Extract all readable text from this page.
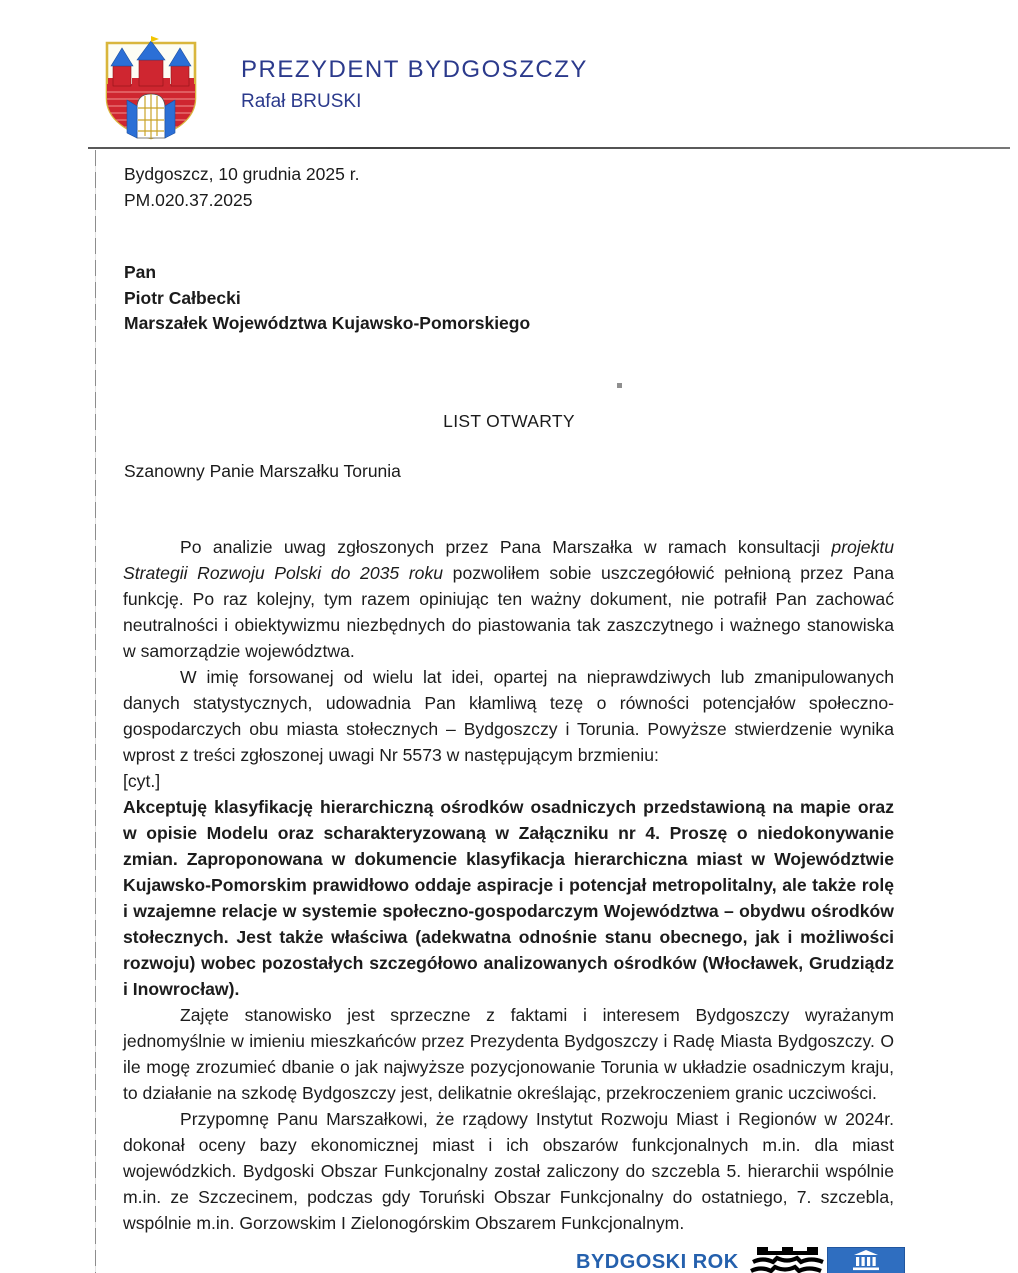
PREZYDENT BYDGOSZCZY
Rafał BRUSKI
Bydgoszcz, 10 grudnia 2025 r.
PM.020.37.2025
Pan
Piotr Całbecki
Marszałek Województwa Kujawsko-Pomorskiego
LIST OTWARTY
Szanowny Panie Marszałku Torunia

Po analizie uwag zgłoszonych przez Pana Marszałka w ramach konsultacji projektu Strategii Rozwoju Polski do 2035 roku pozwoliłem sobie uszczegółowić pełnioną przez Pana funkcję. Po raz kolejny, tym razem opiniując ten ważny dokument, nie potrafił Pan zachować neutralności i obiektywizmu niezbędnych do piastowania tak zaszczytnego i ważnego stanowiska w samorządzie województwa.

W imię forsowanej od wielu lat idei, opartej na nieprawdziwych lub zmanipulowanych danych statystycznych, udowadnia Pan kłamliwą tezę o równości potencjałów społeczno-gospodarczych obu miasta stołecznych – Bydgoszczy i Torunia. Powyższe stwierdzenie wynika wprost z treści zgłoszonej uwagi Nr 5573 w następującym brzmieniu:

[cyt.]

Akceptuję klasyfikację hierarchiczną ośrodków osadniczych przedstawioną na mapie oraz w opisie Modelu oraz scharakteryzowaną w Załączniku nr 4. Proszę o niedokonywanie zmian. Zaproponowana w dokumencie klasyfikacja hierarchiczna miast w Województwie Kujawsko-Pomorskim prawidłowo oddaje aspiracje i potencjał metropolitalny, ale także rolę i wzajemne relacje w systemie społeczno-gospodarczym Województwa – obydwu ośrodków stołecznych. Jest także właściwa (adekwatna odnośnie stanu obecnego, jak i możliwości rozwoju) wobec pozostałych szczegółowo analizowanych ośrodków (Włocławek, Grudziądz i Inowrocław).

Zajęte stanowisko jest sprzeczne z faktami i interesem Bydgoszczy wyrażanym jednomyślnie w imieniu mieszkańców przez Prezydenta Bydgoszczy i Radę Miasta Bydgoszczy. O ile mogę zrozumieć dbanie o jak najwyższe pozycjonowanie Torunia w układzie osadniczym kraju, to działanie na szkodę Bydgoszczy jest, delikatnie określając, przekroczeniem granic uczciwości.

Przypomnę Panu Marszałkowi, że rządowy Instytut Rozwoju Miast i Regionów w 2024r. dokonał oceny bazy ekonomicznej miast i ich obszarów funkcjonalnych m.in. dla miast wojewódzkich. Bydgoski Obszar Funkcjonalny został zaliczony do szczebla 5. hierarchii wspólnie m.in. ze Szczecinem, podczas gdy Toruński Obszar Funkcjonalny do ostatniego, 7. szczebla, wspólnie m.in. Gorzowskim I Zielonogórskim Obszarem Funkcjonalnym.

BYDGOSKI ROK
